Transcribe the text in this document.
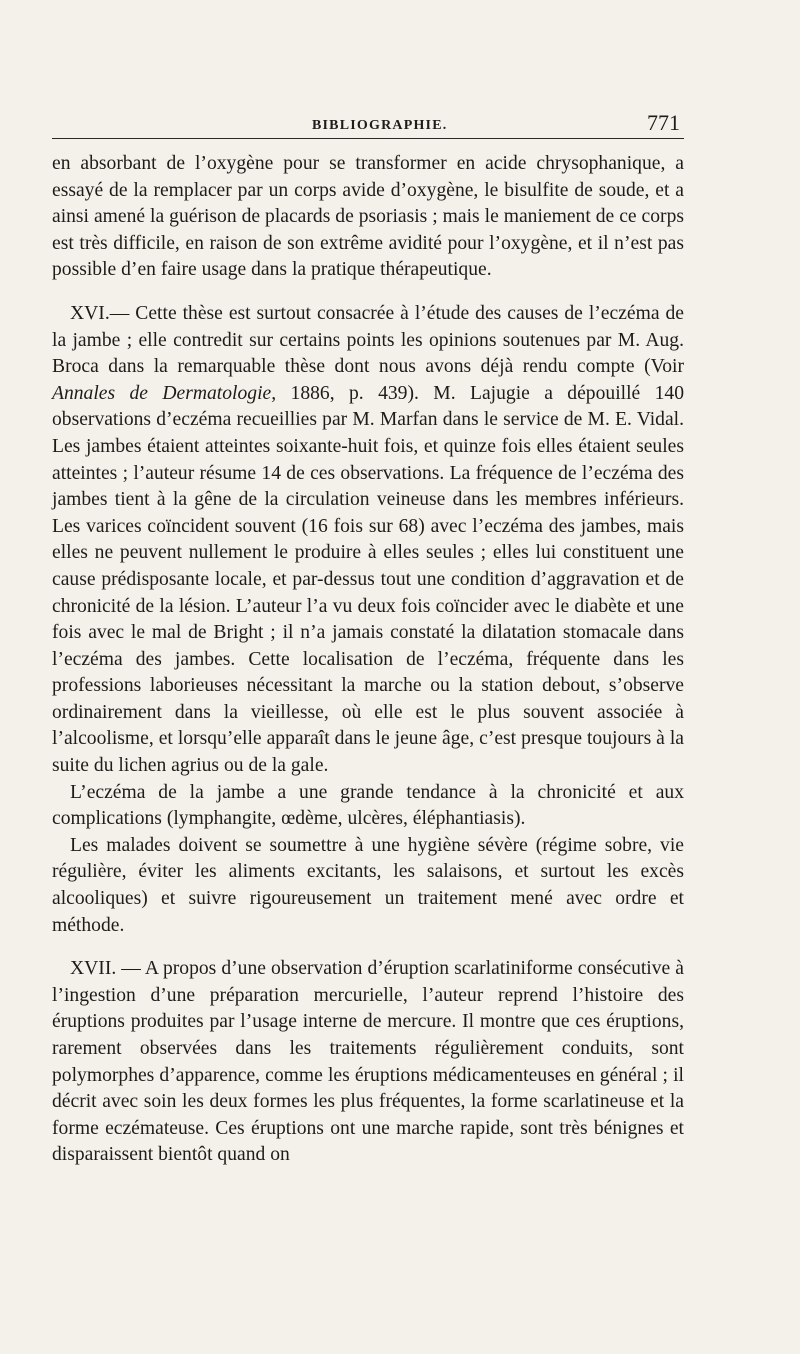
BIBLIOGRAPHIE.	771

en absorbant de l’oxygène pour se transformer en acide chrysophanique, a essayé de la remplacer par un corps avide d’oxygène, le bisulfite de soude, et a ainsi amené la guérison de placards de psoriasis ; mais le maniement de ce corps est très difficile, en raison de son extrême avidité pour l’oxygène, et il n’est pas possible d’en faire usage dans la pratique thérapeutique.

XVI.— Cette thèse est surtout consacrée à l’étude des causes de l’eczéma de la jambe ; elle contredit sur certains points les opinions soutenues par M. Aug. Broca dans la remarquable thèse dont nous avons déjà rendu compte (Voir Annales de Dermatologie, 1886, p. 439). M. Lajugie a dépouillé 140 observations d’eczéma recueillies par M. Marfan dans le service de M. E. Vidal. Les jambes étaient atteintes soixante-huit fois, et quinze fois elles étaient seules atteintes ; l’auteur résume 14 de ces observations. La fréquence de l’eczéma des jambes tient à la gêne de la circulation veineuse dans les membres inférieurs. Les varices coïncident souvent (16 fois sur 68) avec l’eczéma des jambes, mais elles ne peuvent nullement le produire à elles seules ; elles lui constituent une cause prédisposante locale, et par-dessus tout une condition d’aggravation et de chronicité de la lésion. L’auteur l’a vu deux fois coïncider avec le diabète et une fois avec le mal de Bright ; il n’a jamais constaté la dilatation stomacale dans l’eczéma des jambes. Cette localisation de l’eczéma, fréquente dans les professions laborieuses nécessitant la marche ou la station debout, s’observe ordinairement dans la vieillesse, où elle est le plus souvent associée à l’alcoolisme, et lorsqu’elle apparaît dans le jeune âge, c’est presque toujours à la suite du lichen agrius ou de la gale.

L’eczéma de la jambe a une grande tendance à la chronicité et aux complications (lymphangite, œdème, ulcères, éléphantiasis).

Les malades doivent se soumettre à une hygiène sévère (régime sobre, vie régulière, éviter les aliments excitants, les salaisons, et surtout les excès alcooliques) et suivre rigoureusement un traitement mené avec ordre et méthode.

XVII. — A propos d’une observation d’éruption scarlatiniforme consécutive à l’ingestion d’une préparation mercurielle, l’auteur reprend l’histoire des éruptions produites par l’usage interne de mercure. Il montre que ces éruptions, rarement observées dans les traitements régulièrement conduits, sont polymorphes d’apparence, comme les éruptions médicamenteuses en général ; il décrit avec soin les deux formes les plus fréquentes, la forme scarlatineuse et la forme eczémateuse. Ces éruptions ont une marche rapide, sont très bénignes et disparaissent bientôt quand on
